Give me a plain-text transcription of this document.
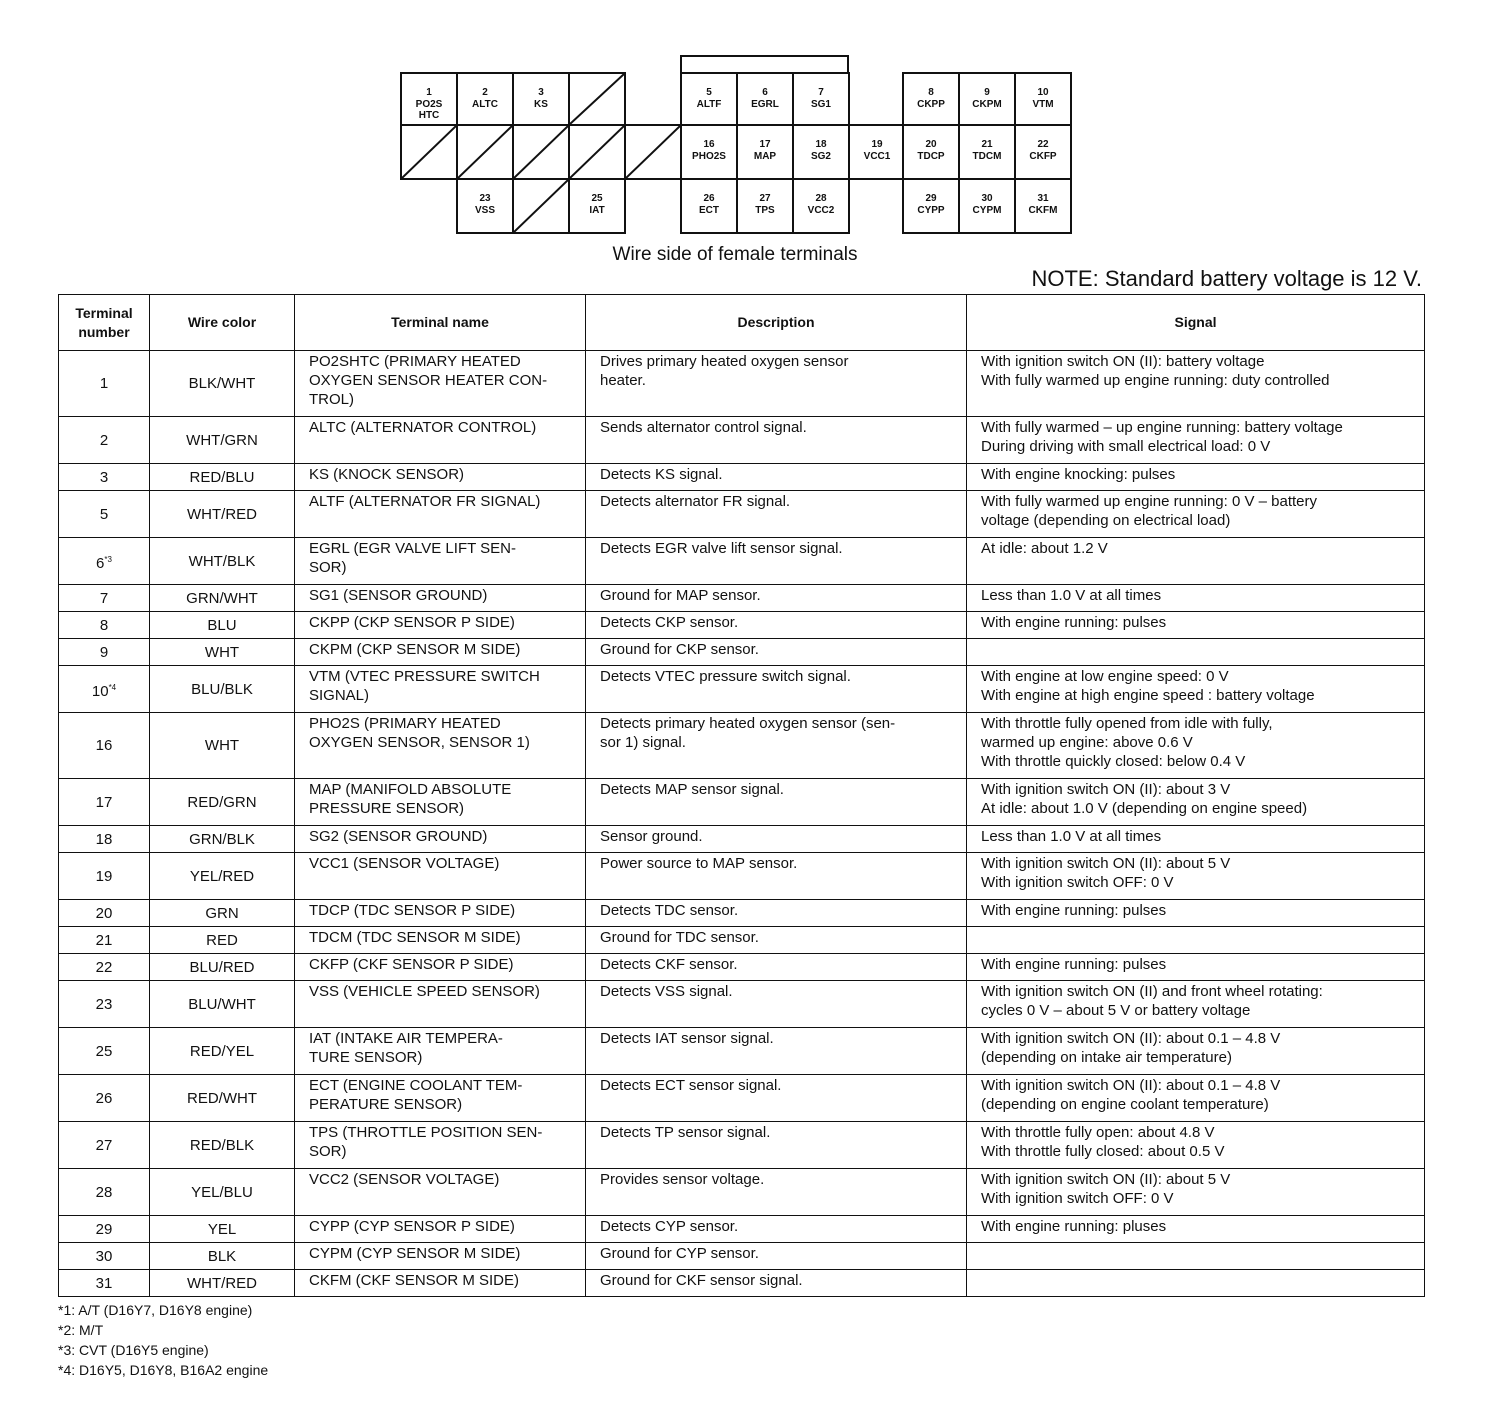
1
PO2S
HTC
2
ALTC
3
KS
5
ALTF
6
EGRL
7
SG1
8
CKPP
9
CKPM
10
VTM
16
PHO2S
17
MAP
18
SG2
19
VCC1
20
TDCP
21
TDCM
22
CKFP
23
VSS
25
IAT
26
ECT
27
TPS
28
VCC2
29
CYPP
30
CYPM
31
CKFM
Wire side of female terminals
NOTE: Standard battery voltage is 12 V.
Terminal
number	Wire color	Terminal name	Description	Signal
1	BLK/WHT	PO2SHTC (PRIMARY HEATED
OXYGEN SENSOR HEATER CON-
TROL)	Drives primary heated oxygen sensor
heater.	With ignition switch ON (II): battery voltage
With fully warmed up engine running: duty controlled
2	WHT/GRN	ALTC (ALTERNATOR CONTROL)	Sends alternator control signal.	With fully warmed – up engine running: battery voltage
During driving with small electrical load: 0 V
3	RED/BLU	KS (KNOCK SENSOR)	Detects KS signal.	With engine knocking: pulses
5	WHT/RED	ALTF (ALTERNATOR FR SIGNAL)	Detects alternator FR signal.	With fully warmed up engine running: 0 V – battery
voltage (depending on electrical load)
6$^{*3}$	WHT/BLK	EGRL (EGR VALVE LIFT SEN-
SOR)	Detects EGR valve lift sensor signal.	At idle: about 1.2 V
7	GRN/WHT	SG1 (SENSOR GROUND)	Ground for MAP sensor.	Less than 1.0 V at all times
8	BLU	CKPP (CKP SENSOR P SIDE)	Detects CKP sensor.	With engine running: pulses
9	WHT	CKPM (CKP SENSOR M SIDE)	Ground for CKP sensor.	
10$^{*4}$	BLU/BLK	VTM (VTEC PRESSURE SWITCH
SIGNAL)	Detects VTEC pressure switch signal.	With engine at low engine speed: 0 V
With engine at high engine speed : battery voltage
16	WHT	PHO2S (PRIMARY HEATED
OXYGEN SENSOR, SENSOR 1)	Detects primary heated oxygen sensor (sen-
sor 1) signal.	With throttle fully opened from idle with fully,
warmed up engine: above 0.6 V
With throttle quickly closed: below 0.4 V
17	RED/GRN	MAP (MANIFOLD ABSOLUTE
PRESSURE SENSOR)	Detects MAP sensor signal.	With ignition switch ON (II): about 3 V
At idle: about 1.0 V (depending on engine speed)
18	GRN/BLK	SG2 (SENSOR GROUND)	Sensor ground.	Less than 1.0 V at all times
19	YEL/RED	VCC1 (SENSOR VOLTAGE)	Power source to MAP sensor.	With ignition switch ON (II): about 5 V
With ignition switch OFF: 0 V
20	GRN	TDCP (TDC SENSOR P SIDE)	Detects TDC sensor.	With engine running: pulses
21	RED	TDCM (TDC SENSOR M SIDE)	Ground for TDC sensor.	
22	BLU/RED	CKFP (CKF SENSOR P SIDE)	Detects CKF sensor.	With engine running: pulses
23	BLU/WHT	VSS (VEHICLE SPEED SENSOR)	Detects VSS signal.	With ignition switch ON (II) and front wheel rotating:
cycles 0 V – about 5 V or battery voltage
25	RED/YEL	IAT (INTAKE AIR TEMPERA-
TURE SENSOR)	Detects IAT sensor signal.	With ignition switch ON (II): about 0.1 – 4.8 V
(depending on intake air temperature)
26	RED/WHT	ECT (ENGINE COOLANT TEM-
PERATURE SENSOR)	Detects ECT sensor signal.	With ignition switch ON (II): about 0.1 – 4.8 V
(depending on engine coolant temperature)
27	RED/BLK	TPS (THROTTLE POSITION SEN-
SOR)	Detects TP sensor signal.	With throttle fully open: about 4.8 V
With throttle fully closed: about 0.5 V
28	YEL/BLU	VCC2 (SENSOR VOLTAGE)	Provides sensor voltage.	With ignition switch ON (II): about 5 V
With ignition switch OFF: 0 V
29	YEL	CYPP (CYP SENSOR P SIDE)	Detects CYP sensor.	With engine running: pluses
30	BLK	CYPM (CYP SENSOR M SIDE)	Ground for CYP sensor.	
31	WHT/RED	CKFM (CKF SENSOR M SIDE)	Ground for CKF sensor signal.	
*1: A/T (D16Y7, D16Y8 engine)
*2: M/T
*3: CVT (D16Y5 engine)
*4: D16Y5, D16Y8, B16A2 engine
